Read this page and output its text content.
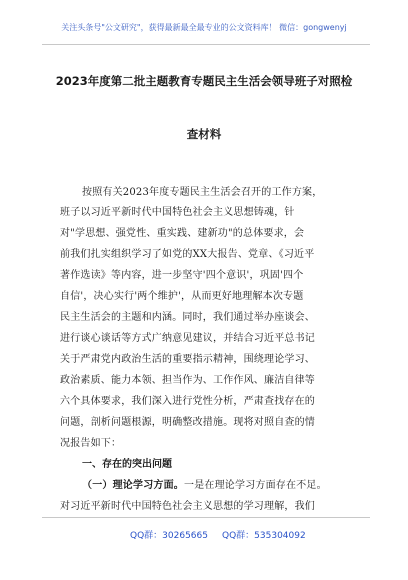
关注头条号"公文研究"，获得最新最全最专业的公文资料库！ 微信：gongwenyj
2023年度第二批主题教育专题民主生活会领导班子对照检
查材料
按照有关2023年度专题民主生活会召开的工作方案，
班子以习近平新时代中国特色社会主义思想铸魂，针
对"学思想、强党性、重实践、建新功"的总体要求，会
前我们扎实组织学习了如党的XX大报告、党章、《习近平
著作选读》等内容，进一步坚守'四个意识'，巩固'四个
自信'，决心实行'两个维护'，从而更好地理解本次专题
民主生活会的主题和内涵。同时，我们通过举办座谈会、
进行谈心谈话等方式广纳意见建议，并结合习近平总书记
关于严肃党内政治生活的重要指示精神，围绕理论学习、
政治素质、能力本领、担当作为、工作作风、廉洁自律等
六个具体要求，我们深入进行党性分析，严肃查找存在的
问题，剖析问题根源，明确整改措施。现将对照自查的情
况报告如下：
一、存在的突出问题
（一）理论学习方面。一是在理论学习方面存在不足。
对习近平新时代中国特色社会主义思想的学习理解，我们
QQ群：30265665 QQ群：535304092
